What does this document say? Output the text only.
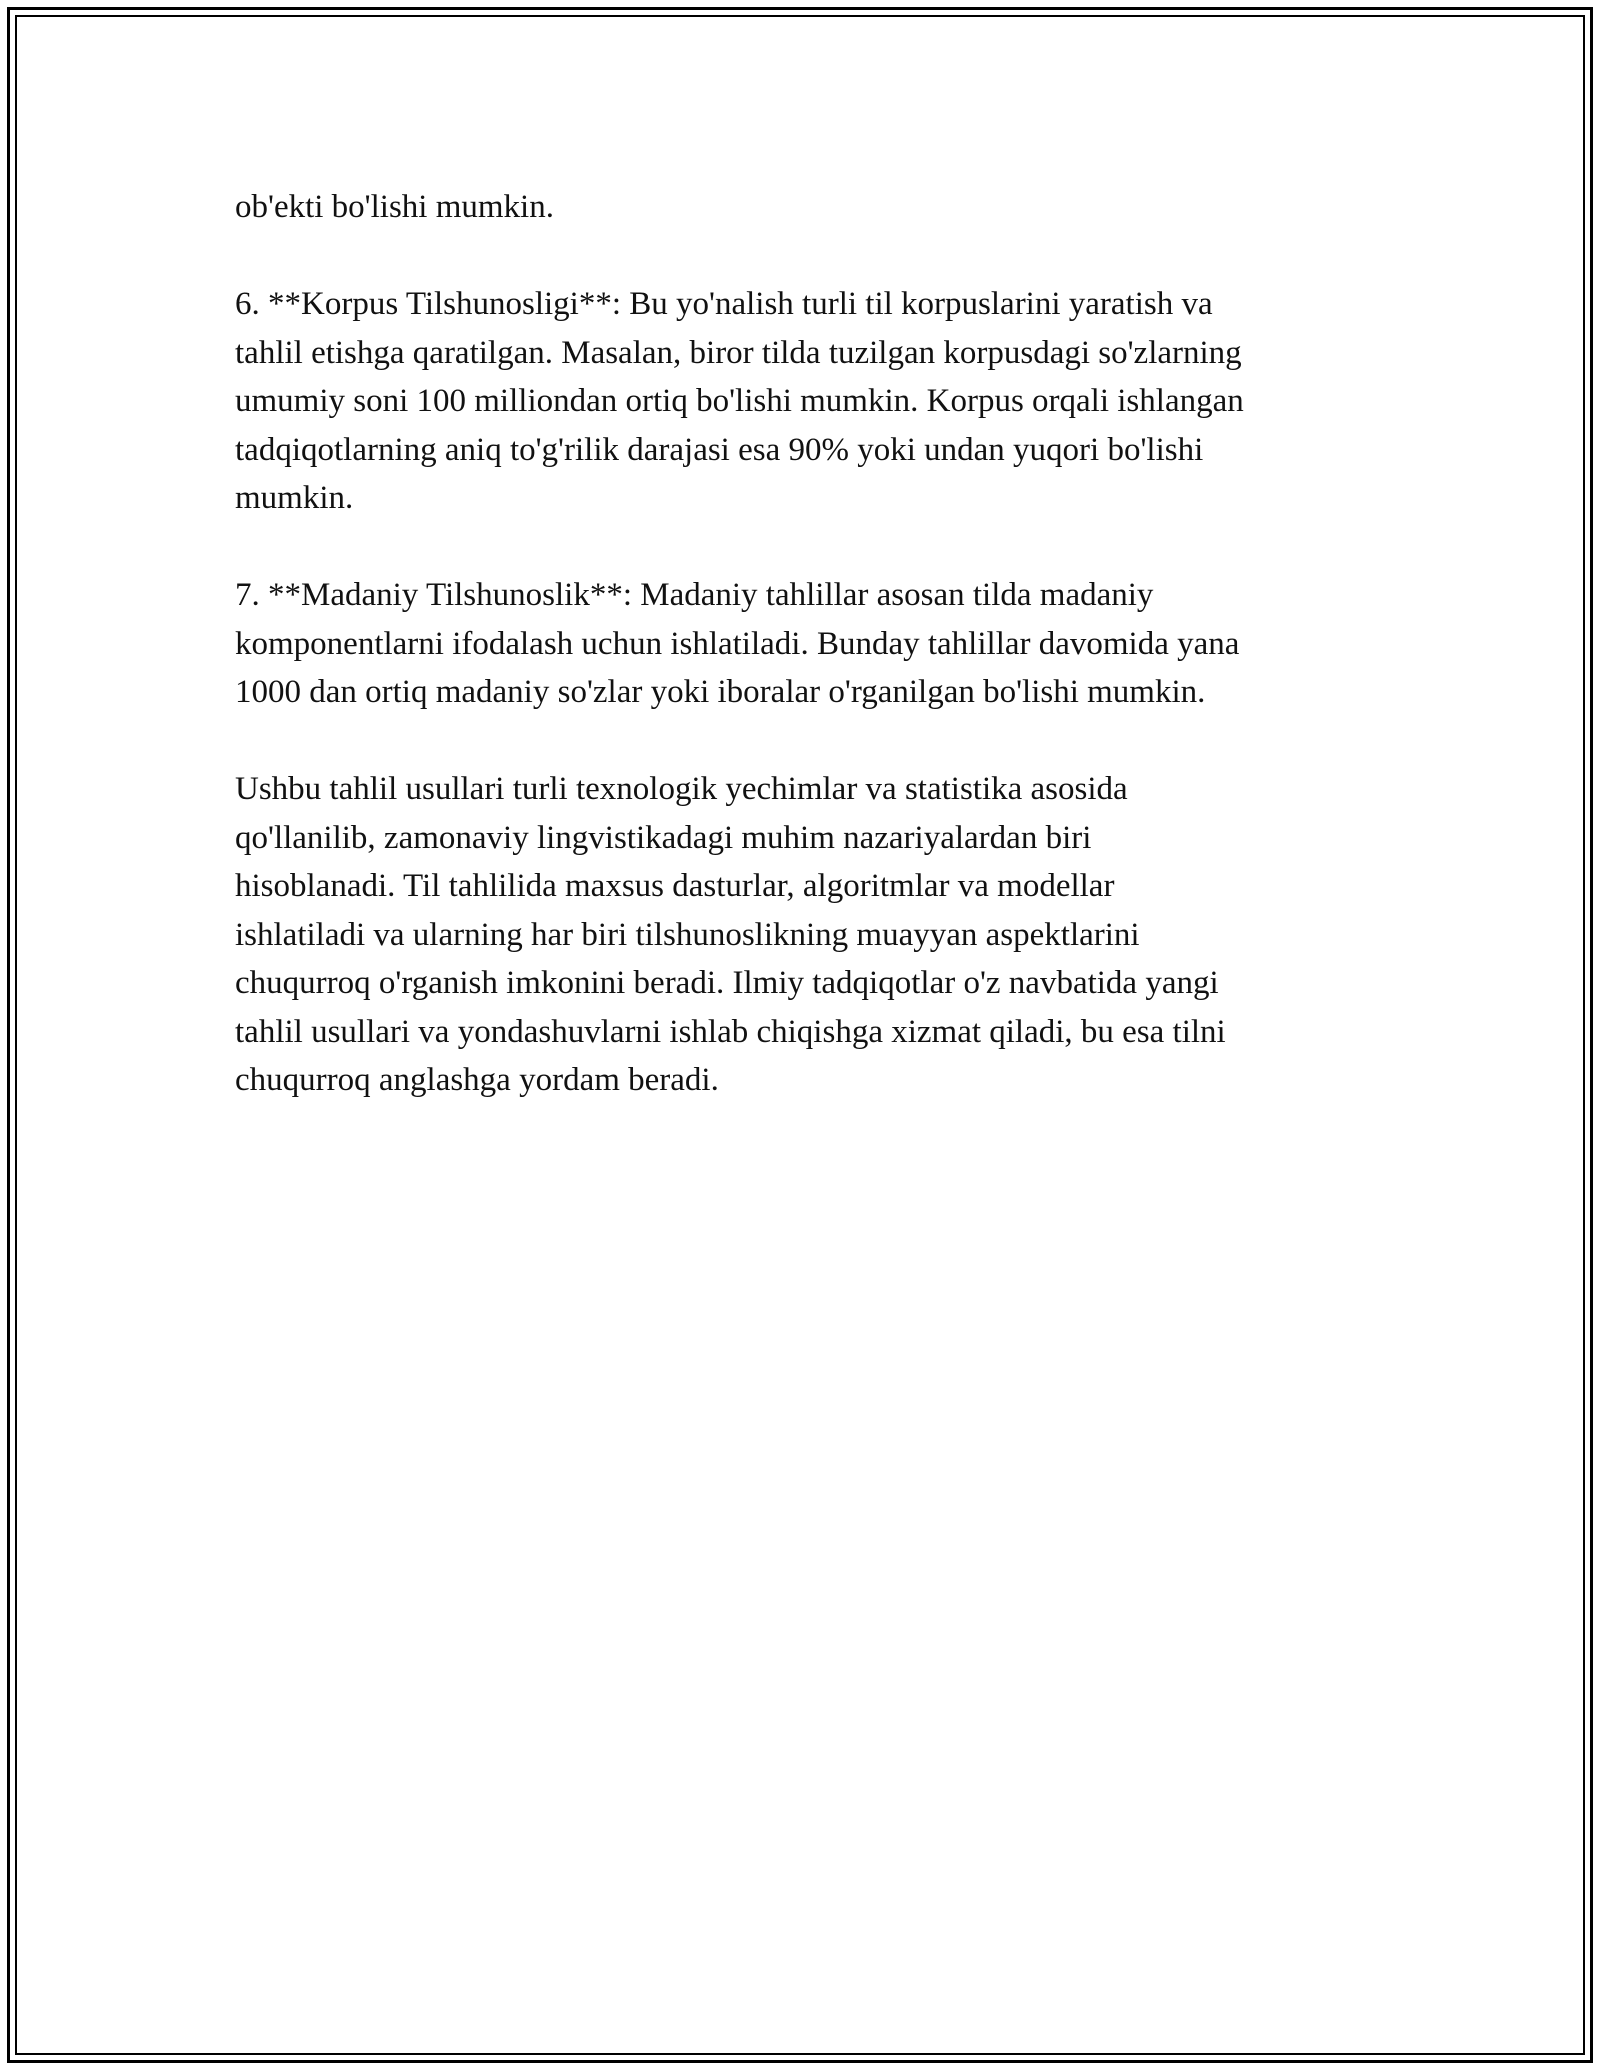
ob'ekti bo'lishi mumkin.

6. **Korpus Tilshunosligi**: Bu yo'nalish turli til korpuslarini yaratish va
tahlil etishga qaratilgan. Masalan, biror tilda tuzilgan korpusdagi so'zlarning
umumiy soni 100 milliondan ortiq bo'lishi mumkin. Korpus orqali ishlangan
tadqiqotlarning aniq to'g'rilik darajasi esa 90% yoki undan yuqori bo'lishi
mumkin.

7. **Madaniy Tilshunoslik**: Madaniy tahlillar asosan tilda madaniy
komponentlarni ifodalash uchun ishlatiladi. Bunday tahlillar davomida yana
1000 dan ortiq madaniy so'zlar yoki iboralar o'rganilgan bo'lishi mumkin.

Ushbu tahlil usullari turli texnologik yechimlar va statistika asosida
qo'llanilib, zamonaviy lingvistikadagi muhim nazariyalardan biri
hisoblanadi. Til tahlilida maxsus dasturlar, algoritmlar va modellar
ishlatiladi va ularning har biri tilshunoslikning muayyan aspektlarini
chuqurroq o'rganish imkonini beradi. Ilmiy tadqiqotlar o'z navbatida yangi
tahlil usullari va yondashuvlarni ishlab chiqishga xizmat qiladi, bu esa tilni
chuqurroq anglashga yordam beradi.
